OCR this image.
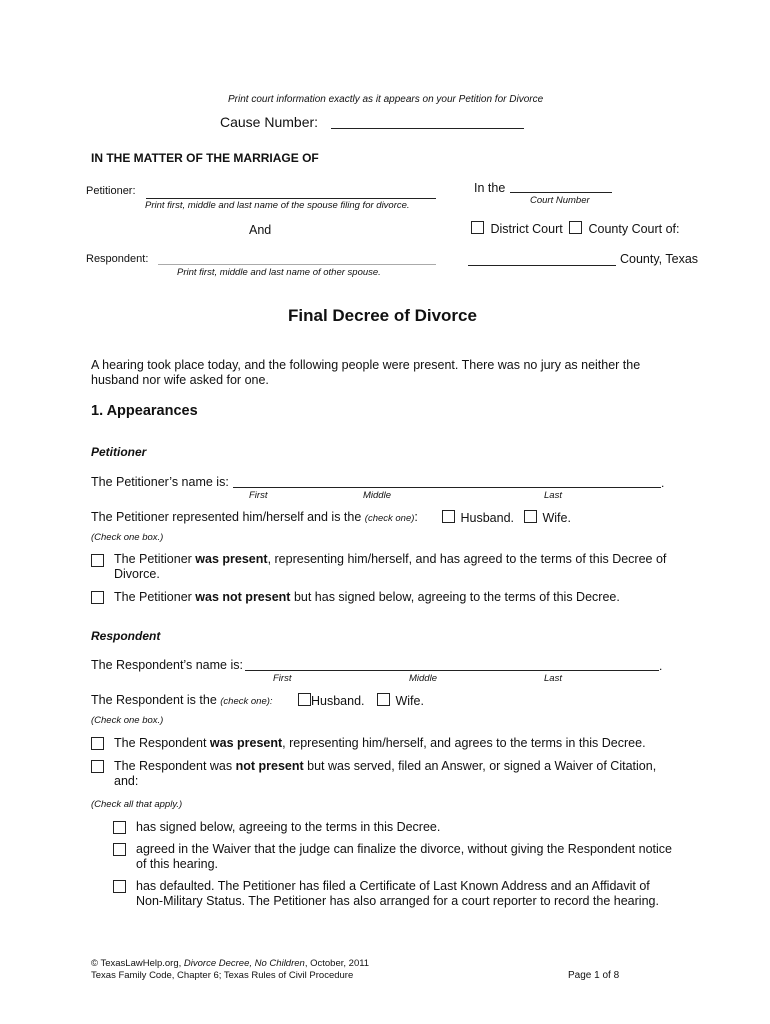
Print court information exactly as it appears on your Petition for Divorce
Cause Number:
IN THE MATTER OF THE MARRIAGE OF
Petitioner:
Print first, middle and last name of the spouse filing for divorce.
And
Respondent:
Print first, middle and last name of other spouse.
In the
Court Number
District Court	County Court of:
County, Texas
Final Decree of Divorce
A hearing took place today, and the following people were present. There was no jury as neither the
husband nor wife asked for one.
1. Appearances
Petitioner
The Petitioner’s name is:	.
First	Middle	Last
The Petitioner represented him/herself and is the (check one):	Husband.	Wife.
(Check one box.)
The Petitioner was present, representing him/herself, and has agreed to the terms of this Decree of
Divorce.
The Petitioner was not present but has signed below, agreeing to the terms of this Decree.
Respondent
The Respondent’s name is:	.
First	Middle	Last
The Respondent is the (check one):	Husband.	Wife.
(Check one box.)
The Respondent was present, representing him/herself, and agrees to the terms in this Decree.
The Respondent was not present but was served, filed an Answer, or signed a Waiver of Citation,
and:
(Check all that apply.)
has signed below, agreeing to the terms in this Decree.
agreed in the Waiver that the judge can finalize the divorce, without giving the Respondent notice
of this hearing.
has defaulted. The Petitioner has filed a Certificate of Last Known Address and an Affidavit of
Non-Military Status. The Petitioner has also arranged for a court reporter to record the hearing.
© TexasLawHelp.org, Divorce Decree, No Children, October, 2011
Texas Family Code, Chapter 6; Texas Rules of Civil Procedure	Page 1 of 8
